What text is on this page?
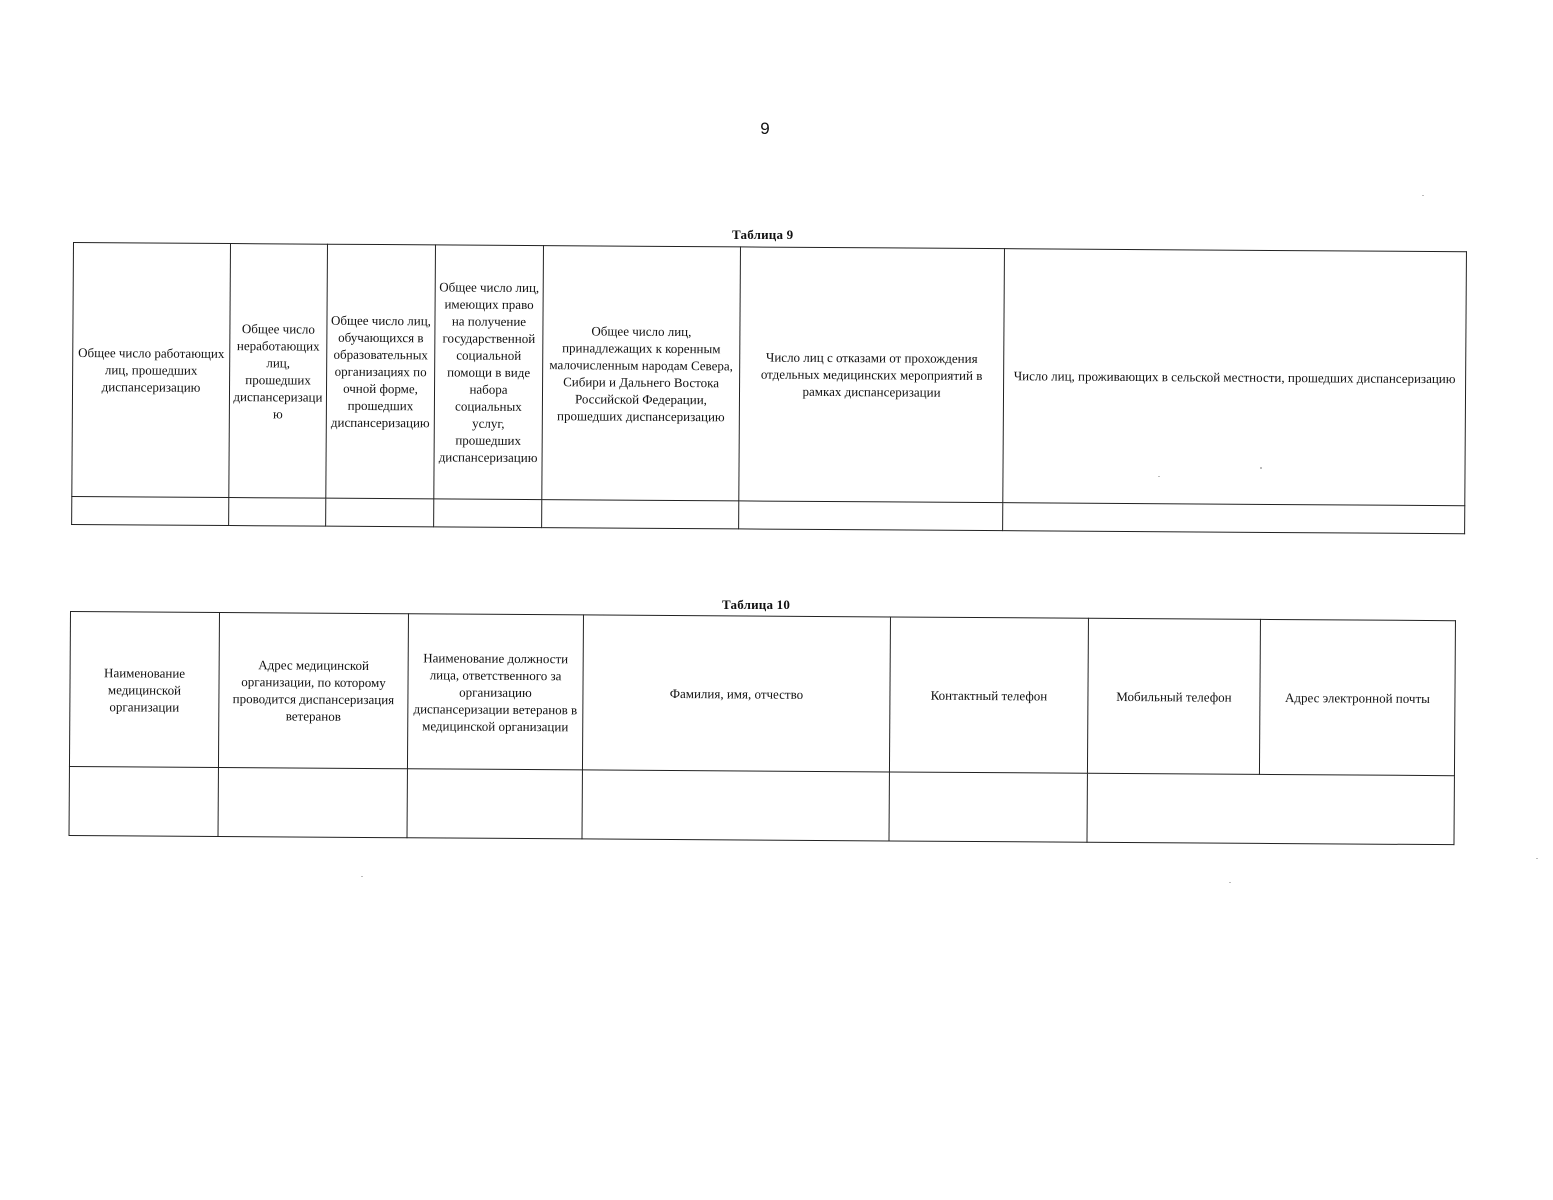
9
Таблица 9
Общее число работающих лиц, прошедших диспансеризацию	Общее число неработающих лиц, прошедших диспансеризацию	Общее число лиц, обучающихся в образовательных организациях по очной форме, прошедших диспансеризацию	Общее число лиц, имеющих право на получение государственной социальной помощи в виде набора социальных услуг, прошедших диспансеризацию	Общее число лиц, принадлежащих к коренным малочисленным народам Севера, Сибири и Дальнего Востока Российской Федерации, прошедших диспансеризацию	Число лиц с отказами от прохождения отдельных медицинских мероприятий в рамках диспансеризации	Число лиц, проживающих в сельской местности, прошедших диспансеризацию

Таблица 10
Наименование медицинской организации	Адрес медицинской организации, по которому проводится диспансеризация ветеранов	Наименование должности лица, ответственного за организацию диспансеризации ветеранов в медицинской организации	Фамилия, имя, отчество	Контактный телефон	Мобильный телефон	Адрес электронной почты
